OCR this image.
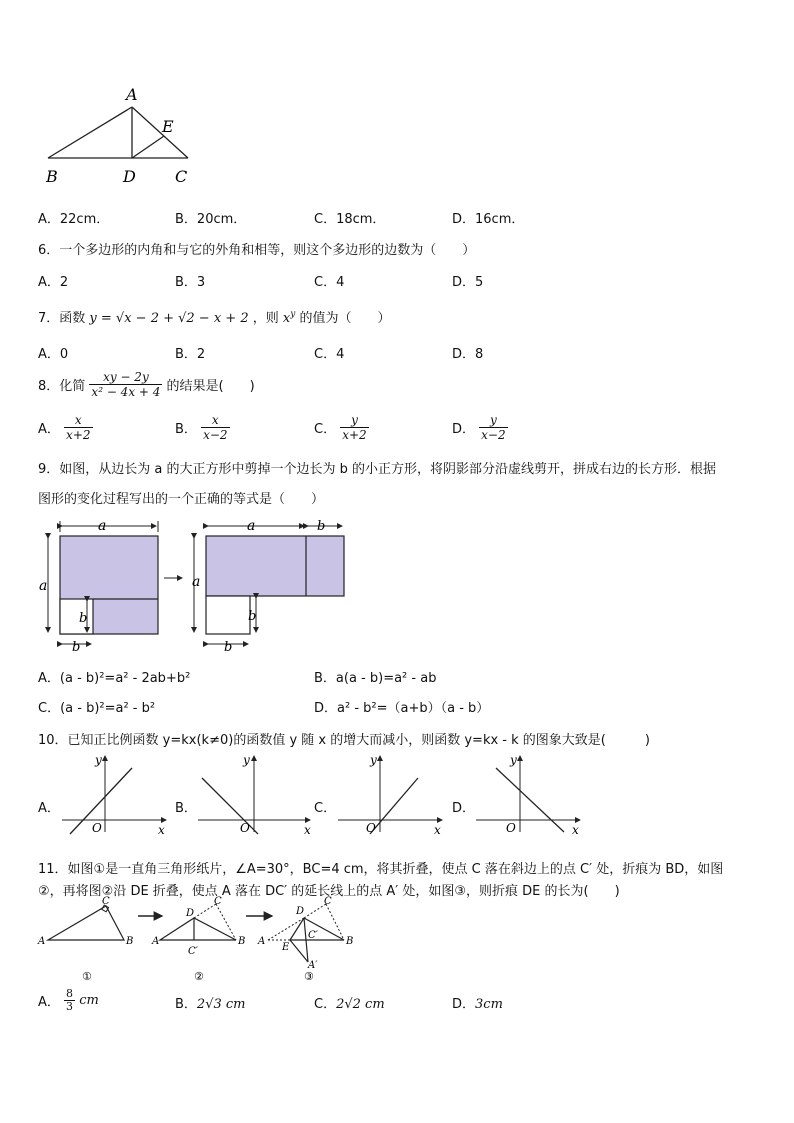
A
E
B	D C
A．22cm．	B．20cm．	C．18cm．	D．16cm．
6．一个多边形的内角和与它的外角和相等，则这个多边形的边数为（　　）
A．2	B．3	C．4	D．5
7．函数 y = √x − 2 + √2 − x + 2 ，则 $x^y$ 的值为（　　）
A．0	B．2	C．4	D．8
8．化简 $\frac{xy - 2y}{\text{x² − 4x + 4}}$ 的结果是(　　)
A． $\frac{x}{x+2}$	B． $\frac{x}{x-2}$	C． $\frac{y}{x+2}$	D． $\frac{y}{x-2}$
9．如图，从边长为 a 的大正方形中剪掉一个边长为 b 的小正方形，将阴影部分沿虚线剪开，拼成右边的长方形．根据
图形的变化过程写出的一个正确的等式是（　　）
a
a
b
b
a	b
a
b
b
A．(a - b)²=a² - 2ab+b²	B．a(a - b)=a² - ab
C．(a - b)²=a² - b²	D．a² - b²=（a+b）（a - b）
10．已知正比例函数 y=kx(k≠0)的函数值 y 随 x 的增大而减小，则函数 y=kx - k 的图象大致是(　　　)
A．	B．	C．	D．
O	x
y
O	x
y
O	x
y
O	x
y
11．如图①是一直角三角形纸片，∠A=30°，BC=4 cm，将其折叠，使点 C 落在斜边上的点 C′ 处，折痕为 BD，如图
②，再将图②沿 DE 折叠，使点 A 落在 DC′ 的延长线上的点 A′ 处，如图③，则折痕 DE 的长为(　　)
A
C
B
①
A
D
C
B
C′
②
A
D
C
B
E
C′
A′
③
A． $\frac{8}{3}$ cm	B．2√3 cm	C．2√2 cm	D．3cm
